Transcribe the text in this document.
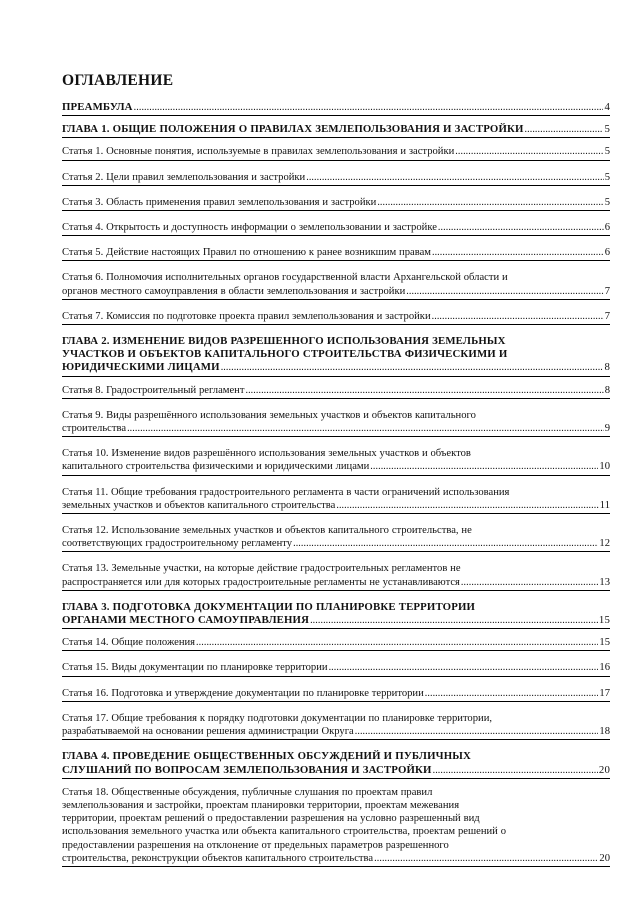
ОГЛАВЛЕНИЕ
ПРЕАМБУЛА . . .	4
ГЛАВА 1. ОБЩИЕ ПОЛОЖЕНИЯ О ПРАВИЛАХ ЗЕМЛЕПОЛЬЗОВАНИЯ И ЗАСТРОЙКИ . . .	5
Статья 1. Основные понятия, используемые в правилах землепользования и застройки . . .	5
Статья 2. Цели правил землепользования и застройки . . .	5
Статья 3. Область применения правил землепользования и застройки . . .	5
Статья 4. Открытость и доступность информации о землепользовании и застройке . . .	6
Статья 5. Действие настоящих Правил по отношению к ранее возникшим правам . . .	6
Статья 6. Полномочия исполнительных органов государственной власти Архангельской области и
органов местного самоуправления в области землепользования и застройки . . .	7
Статья 7. Комиссия по подготовке проекта правил землепользования и застройки . . .	7
ГЛАВА 2. ИЗМЕНЕНИЕ ВИДОВ РАЗРЕШЕННОГО ИСПОЛЬЗОВАНИЯ ЗЕМЕЛЬНЫХ
УЧАСТКОВ И ОБЪЕКТОВ КАПИТАЛЬНОГО СТРОИТЕЛЬСТВА ФИЗИЧЕСКИМИ И
ЮРИДИЧЕСКИМИ ЛИЦАМИ . . .	8
Статья 8. Градостроительный регламент . . .	8
Статья 9. Виды разрешённого использования земельных участков и объектов капитального
строительства . . .	9
Статья 10. Изменение видов разрешённого использования земельных участков и объектов
капитального строительства физическими и юридическими лицами . . .	10
Статья 11. Общие требования градостроительного регламента в части ограничений использования
земельных участков и объектов капитального строительства . . .	11
Статья 12. Использование земельных участков и объектов капитального строительства, не
соответствующих градостроительному регламенту . . .	12
Статья 13. Земельные участки, на которые действие градостроительных регламентов не
распространяется или для которых градостроительные регламенты не устанавливаются . . .	13
ГЛАВА 3. ПОДГОТОВКА ДОКУМЕНТАЦИИ ПО ПЛАНИРОВКЕ ТЕРРИТОРИИ
ОРГАНАМИ МЕСТНОГО САМОУПРАВЛЕНИЯ . . .	15
Статья 14. Общие положения . . .	15
Статья 15. Виды документации по планировке территории . . .	16
Статья 16. Подготовка и утверждение документации по планировке территории . . .	17
Статья 17. Общие требования к порядку подготовки документации по планировке территории,
разрабатываемой на основании решения администрации Округа . . .	18
ГЛАВА 4. ПРОВЕДЕНИЕ ОБЩЕСТВЕННЫХ ОБСУЖДЕНИЙ И ПУБЛИЧНЫХ
СЛУШАНИЙ ПО ВОПРОСАМ ЗЕМЛЕПОЛЬЗОВАНИЯ И ЗАСТРОЙКИ . . .	20
Статья 18. Общественные обсуждения, публичные слушания по проектам правил
землепользования и застройки, проектам планировки территории, проектам межевания
территории, проектам решений о предоставлении разрешения на условно разрешенный вид
использования земельного участка или объекта капитального строительства, проектам решений о
предоставлении разрешения на отклонение от предельных параметров разрешенного
строительства, реконструкции объектов капитального строительства . . .	20
